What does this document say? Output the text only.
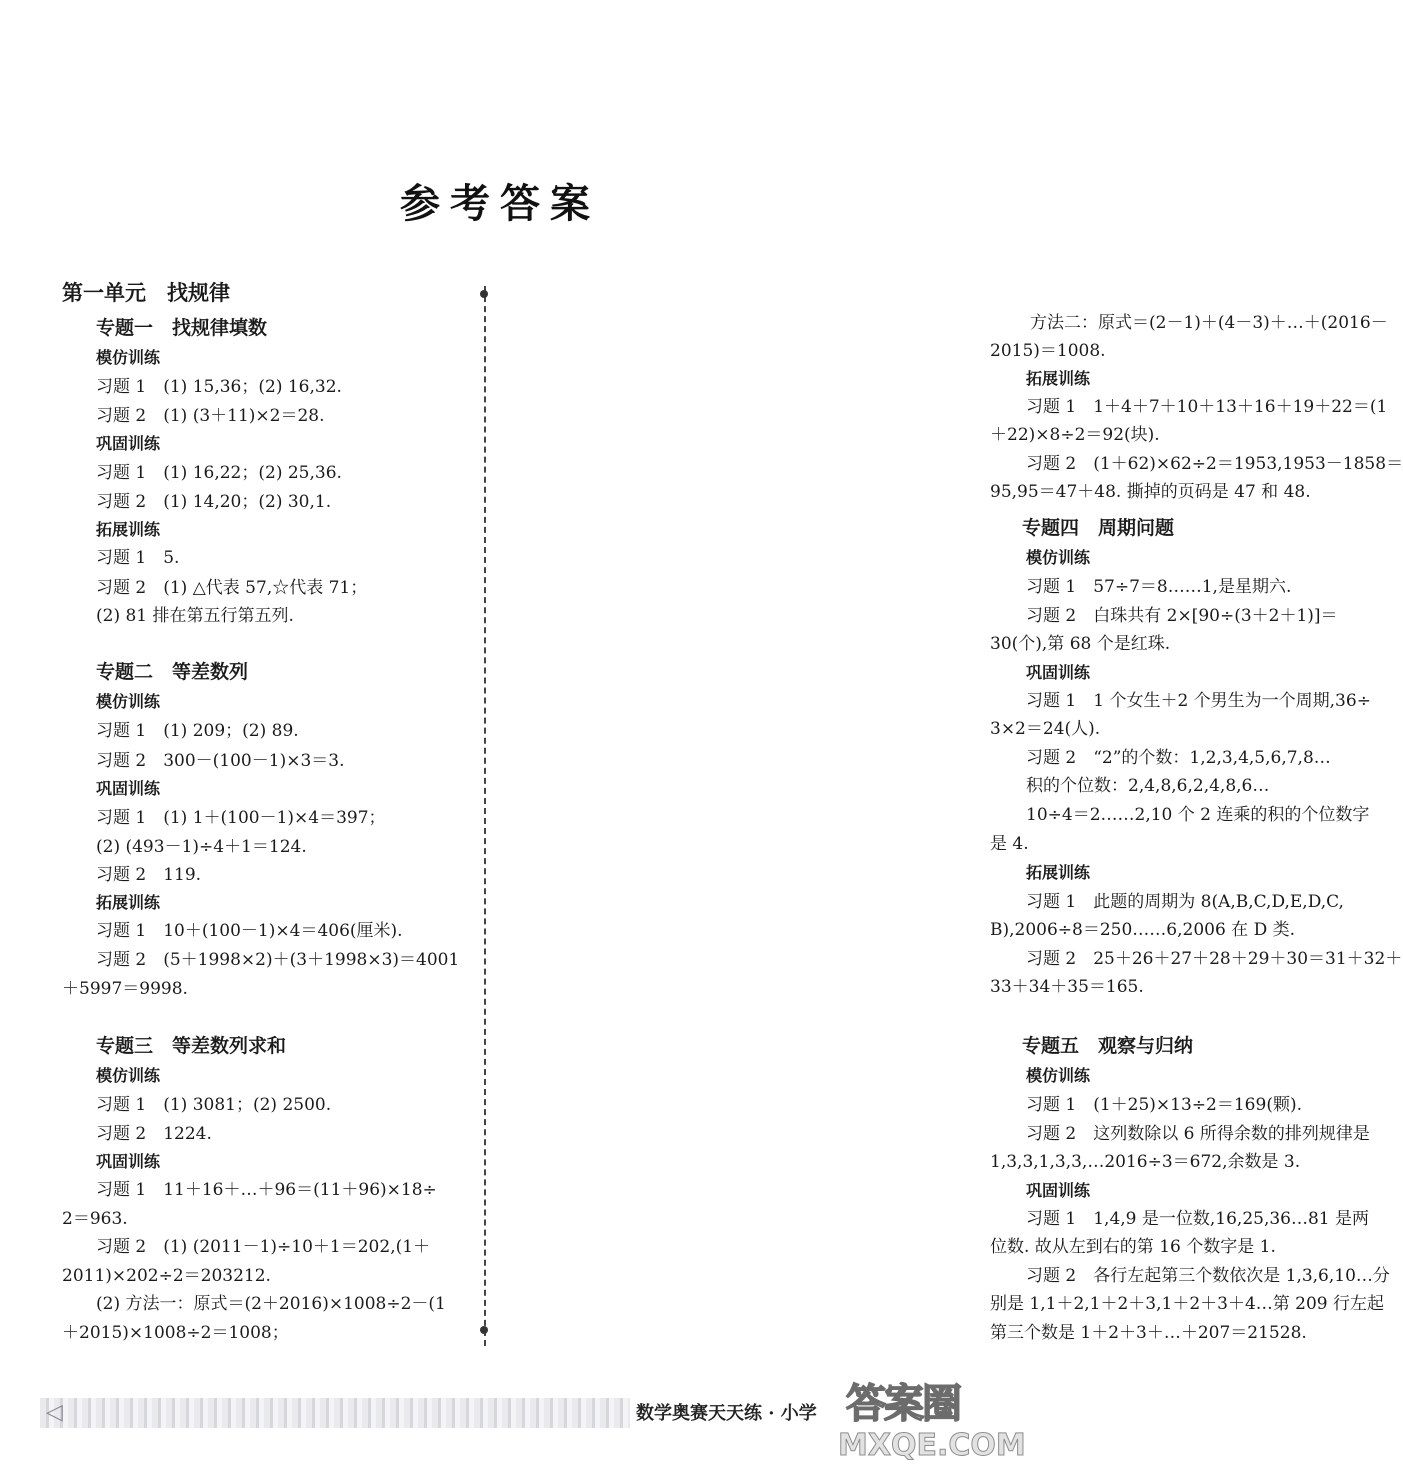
参考答案
第一单元　找规律
专题一　找规律填数
模仿训练
习题 1　(1) 15,36；(2) 16,32.
习题 2　(1) (3＋11)×2＝28.
巩固训练
习题 1　(1) 16,22；(2) 25,36.
习题 2　(1) 14,20；(2) 30,1.
拓展训练
习题 1　5.
习题 2　(1) △代表 57,☆代表 71；
(2) 81 排在第五行第五列.
专题二　等差数列
模仿训练
习题 1　(1) 209；(2) 89.
习题 2　300－(100－1)×3＝3.
巩固训练
习题 1　(1) 1＋(100－1)×4＝397；
(2) (493－1)÷4＋1＝124.
习题 2　119.
拓展训练
习题 1　10＋(100－1)×4＝406(厘米).
习题 2　(5＋1998×2)＋(3＋1998×3)＝4001
＋5997＝9998.
专题三　等差数列求和
模仿训练
习题 1　(1) 3081；(2) 2500.
习题 2　1224.
巩固训练
习题 1　11＋16＋…＋96＝(11＋96)×18÷
2＝963.
习题 2　(1) (2011－1)÷10＋1＝202,(1＋
2011)×202÷2＝203212.
(2) 方法一：原式＝(2＋2016)×1008÷2－(1
＋2015)×1008÷2＝1008；
方法二：原式＝(2－1)＋(4－3)＋…＋(2016－
2015)＝1008.
拓展训练
习题 1　1＋4＋7＋10＋13＋16＋19＋22＝(1
＋22)×8÷2＝92(块).
习题 2　(1＋62)×62÷2＝1953,1953－1858＝
95,95＝47＋48. 撕掉的页码是 47 和 48.
专题四　周期问题
模仿训练
习题 1　57÷7＝8……1,是星期六.
习题 2　白珠共有 2×[90÷(3＋2＋1)]＝
30(个),第 68 个是红珠.
巩固训练
习题 1　1 个女生＋2 个男生为一个周期,36÷
3×2＝24(人).
习题 2　“2”的个数：1,2,3,4,5,6,7,8…
积的个位数：2,4,8,6,2,4,8,6…
10÷4＝2……2,10 个 2 连乘的积的个位数字
是 4.
拓展训练
习题 1　此题的周期为 8(A,B,C,D,E,D,C,
B),2006÷8＝250……6,2006 在 D 类.
习题 2　25＋26＋27＋28＋29＋30＝31＋32＋
33＋34＋35＝165.
专题五　观察与归纳
模仿训练
习题 1　(1＋25)×13÷2＝169(颗).
习题 2　这列数除以 6 所得余数的排列规律是
1,3,3,1,3,3,…2016÷3＝672,余数是 3.
巩固训练
习题 1　1,4,9 是一位数,16,25,36…81 是两
位数. 故从左到右的第 16 个数字是 1.
习题 2　各行左起第三个数依次是 1,3,6,10…分
别是 1,1＋2,1＋2＋3,1＋2＋3＋4…第 209 行左起
第三个数是 1＋2＋3＋…＋207＝21528.
◁	数学奥赛天天练 · 小学 答案圈
MXQE.COM
